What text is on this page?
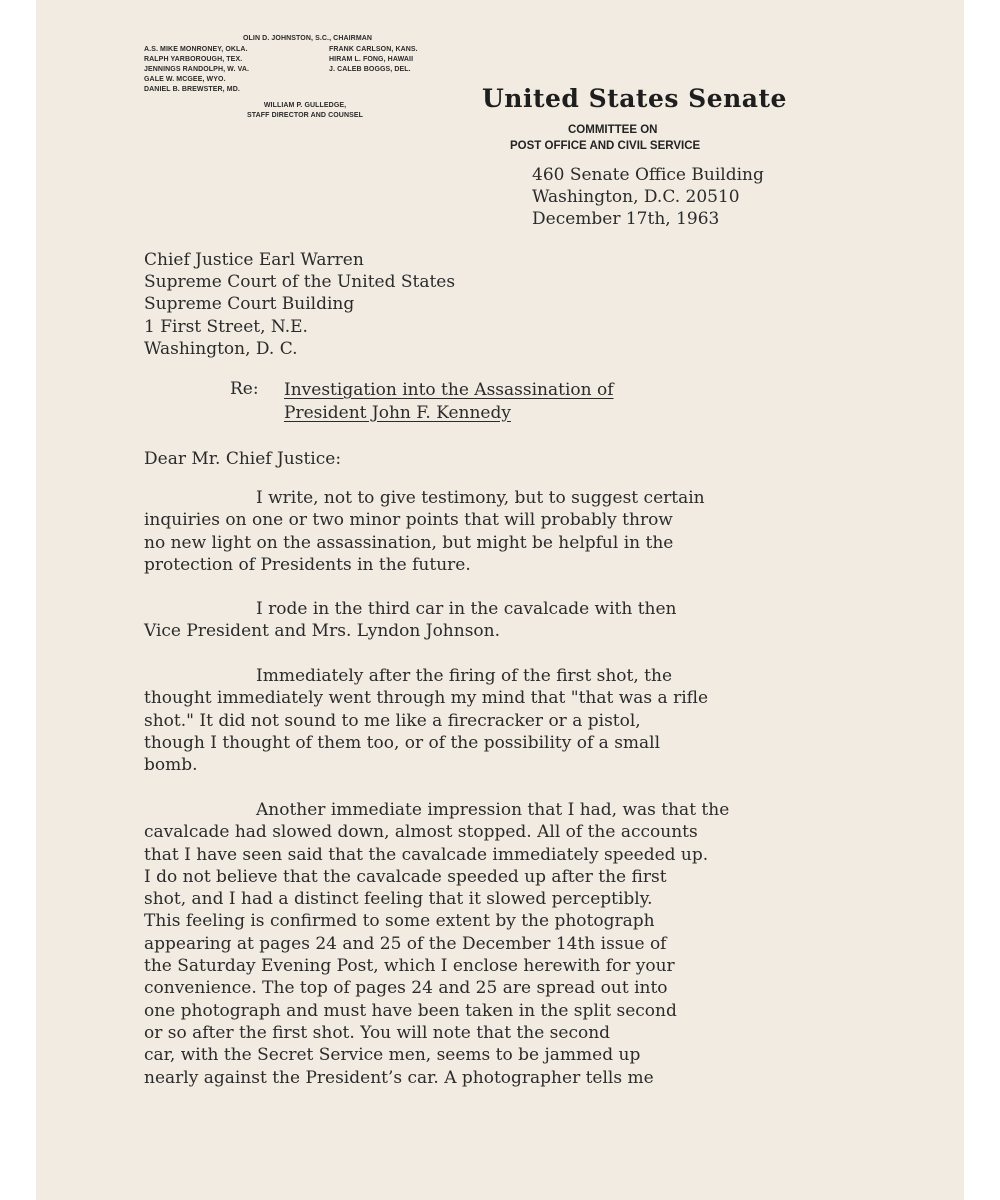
OLIN D. JOHNSTON, S.C., CHAIRMAN
A.S. MIKE MONRONEY, OKLA.
RALPH YARBOROUGH, TEX.
JENNINGS RANDOLPH, W. VA.
GALE W. MCGEE, WYO.
DANIEL B. BREWSTER, MD.
FRANK CARLSON, KANS.
HIRAM L. FONG, HAWAII
J. CALEB BOGGS, DEL.
WILLIAM P. GULLEDGE,
STAFF DIRECTOR AND COUNSEL
United States Senate
COMMITTEE ON
POST OFFICE AND CIVIL SERVICE
460 Senate Office Building
Washington, D.C. 20510
December 17th, 1963
Chief Justice Earl Warren
Supreme Court of the United States
Supreme Court Building
1 First Street, N.E.
Washington, D. C.
Re: Investigation into the Assassination of
President John F. Kennedy
Dear Mr. Chief Justice:
I write, not to give testimony, but to suggest certain
inquiries on one or two minor points that will probably throw
no new light on the assassination, but might be helpful in the
protection of Presidents in the future.
I rode in the third car in the cavalcade with then
Vice President and Mrs. Lyndon Johnson.
Immediately after the firing of the first shot, the
thought immediately went through my mind that "that was a rifle
shot." It did not sound to me like a firecracker or a pistol,
though I thought of them too, or of the possibility of a small
bomb.
Another immediate impression that I had, was that the
cavalcade had slowed down, almost stopped. All of the accounts
that I have seen said that the cavalcade immediately speeded up.
I do not believe that the cavalcade speeded up after the first
shot, and I had a distinct feeling that it slowed perceptibly.
This feeling is confirmed to some extent by the photograph
appearing at pages 24 and 25 of the December 14th issue of
the Saturday Evening Post, which I enclose herewith for your
convenience. The top of pages 24 and 25 are spread out into
one photograph and must have been taken in the split second
or so after the first shot. You will note that the second
car, with the Secret Service men, seems to be jammed up
nearly against the President’s car. A photographer tells me
